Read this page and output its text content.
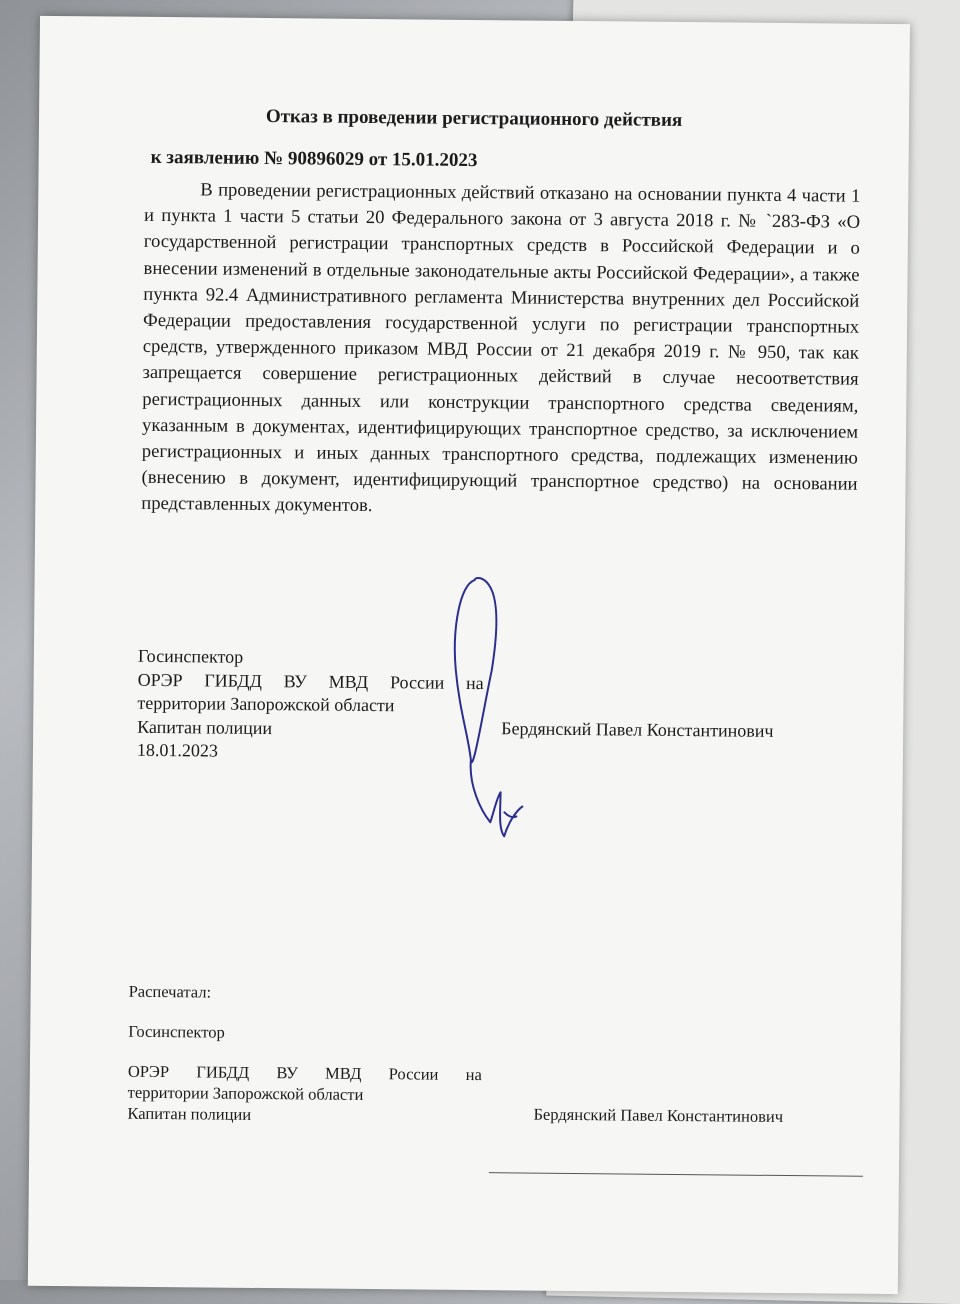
Отказ в проведении регистрационного действия
к заявлению № 90896029 от 15.01.2023
В проведении регистрационных действий отказано на основании пункта 4 части 1 и пункта 1 части 5 статьи 20 Федерального закона от 3 августа 2018 г. № `283-ФЗ «О государственной регистрации транспортных средств в Российской Федерации и о внесении изменений в отдельные законодательные акты Российской Федерации», а также пункта 92.4 Административного регламента Министерства внутренних дел Российской Федерации предоставления государственной услуги по регистрации транспортных средств, утвержденного приказом МВД России от 21 декабря 2019 г. № 950, так как запрещается совершение регистрационных действий в случае несоответствия регистрационных данных или конструкции транспортного средства сведениям, указанным в документах, идентифицирующих транспортное средство, за исключением регистрационных и иных данных транспортного средства, подлежащих изменению (внесению в документ, идентифицирующий транспортное средство) на основании представленных документов.
Госинспектор
ОРЭР ГИБДД ВУ МВД России на
территории Запорожской области
Капитан полиции
18.01.2023
Бердянский Павел Константинович
Распечатал:
Госинспектор
ОРЭР ГИБДД ВУ МВД России на
территории Запорожской области
Капитан полиции	Бердянский Павел Константинович
